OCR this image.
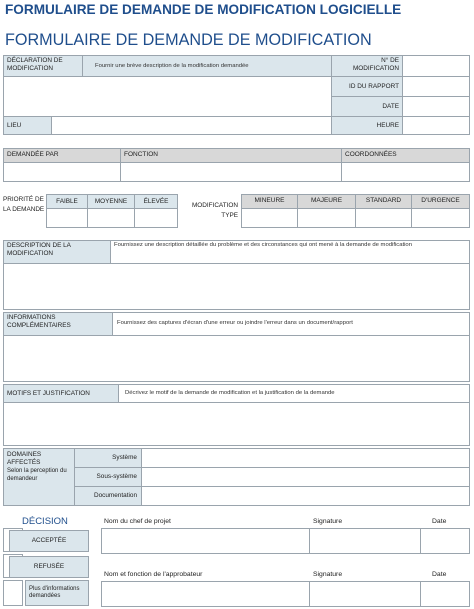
FORMULAIRE DE DEMANDE DE MODIFICATION LOGICIELLE
FORMULAIRE DE DEMANDE DE MODIFICATION
DÉCLARATION DE MODIFICATION	Fournir une brève description de la modification demandée
N° DE MODIFICATION
ID DU RAPPORT
DATE
LIEU	HEURE
DEMANDÉE PAR	FONCTION	COORDONNÉES
PRIORITÉ DE LA DEMANDE
FAIBLE	MOYENNE	ÉLEVÉE
MODIFICATION TYPE
MINEURE	MAJEURE	STANDARD	D'URGENCE
DESCRIPTION DE LA MODIFICATION
Fournissez une description détaillée du problème et des circonstances qui ont mené à la demande de modification
INFORMATIONS COMPLÉMENTAIRES	Fournissez des captures d'écran d'une erreur ou joindre l'erreur dans un document/rapport
MOTIFS ET JUSTIFICATION	Décrivez le motif de la demande de modification et la justification de la demande
DOMAINES AFFECTÉS
Selon la perception du demandeur
Système
Sous-système
Documentation
DÉCISION
ACCEPTÉE
REFUSÉE
Plus d'informations demandées
Nom du chef de projet	Signature	Date
Nom et fonction de l'approbateur	Signature	Date
